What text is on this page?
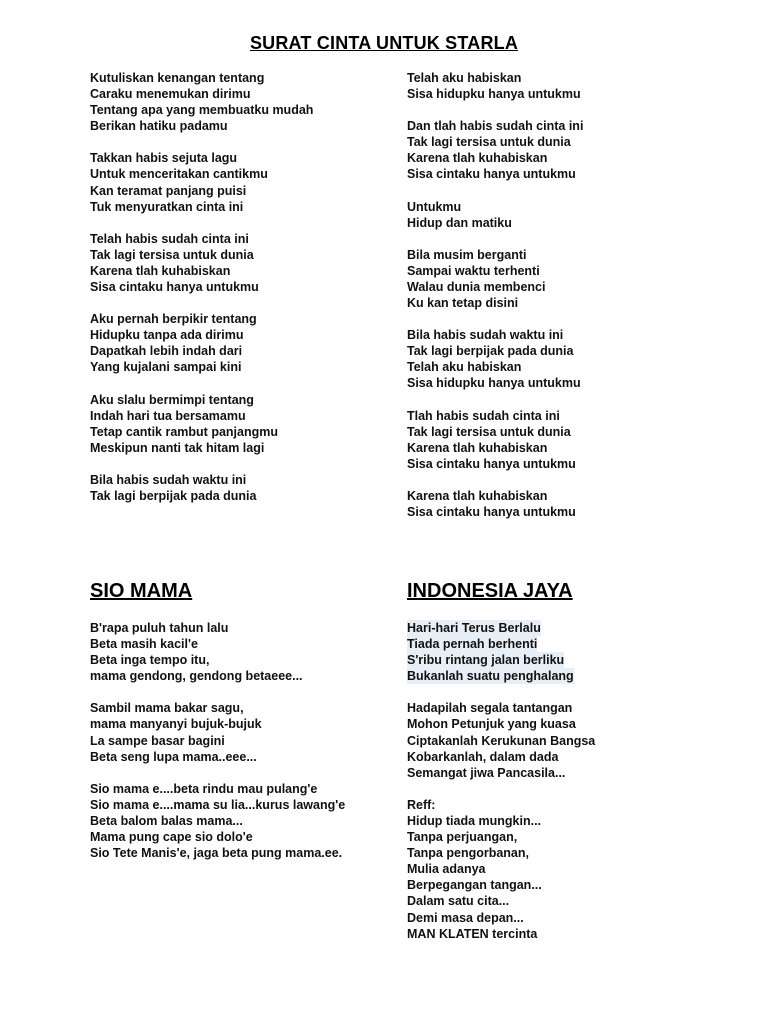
SURAT CINTA UNTUK STARLA
Kutuliskan kenangan tentang
Caraku menemukan dirimu
Tentang apa yang membuatku mudah
Berikan hatiku padamu
Takkan habis sejuta lagu
Untuk menceritakan cantikmu
Kan teramat panjang puisi
Tuk menyuratkan cinta ini
Telah habis sudah cinta ini
Tak lagi tersisa untuk dunia
Karena tlah kuhabiskan
Sisa cintaku hanya untukmu
Aku pernah berpikir tentang
Hidupku tanpa ada dirimu
Dapatkah lebih indah dari
Yang kujalani sampai kini
Aku slalu bermimpi tentang
Indah hari tua bersamamu
Tetap cantik rambut panjangmu
Meskipun nanti tak hitam lagi
Bila habis sudah waktu ini
Tak lagi berpijak pada dunia
Telah aku habiskan
Sisa hidupku hanya untukmu
Dan tlah habis sudah cinta ini
Tak lagi tersisa untuk dunia
Karena tlah kuhabiskan
Sisa cintaku hanya untukmu
Untukmu
Hidup dan matiku
Bila musim berganti
Sampai waktu terhenti
Walau dunia membenci
Ku kan tetap disini
Bila habis sudah waktu ini
Tak lagi berpijak pada dunia
Telah aku habiskan
Sisa hidupku hanya untukmu
Tlah habis sudah cinta ini
Tak lagi tersisa untuk dunia
Karena tlah kuhabiskan
Sisa cintaku hanya untukmu
Karena tlah kuhabiskan
Sisa cintaku hanya untukmu
SIO MAMA
B'rapa puluh tahun lalu
Beta masih kacil'e
Beta inga tempo itu,
mama gendong, gendong betaeee...
Sambil mama bakar sagu,
mama manyanyi bujuk-bujuk
La sampe basar bagini
Beta seng lupa mama..eee...
Sio mama e....beta rindu mau pulang'e
Sio mama e....mama su lia...kurus lawang'e
Beta balom balas mama...
Mama pung cape sio dolo'e
Sio Tete Manis'e, jaga beta pung mama.ee.
INDONESIA JAYA
Hari-hari Terus Berlalu
Tiada pernah berhenti
S'ribu rintang jalan berliku
Bukanlah suatu penghalang
Hadapilah segala tantangan
Mohon Petunjuk yang kuasa
Ciptakanlah Kerukunan Bangsa
Kobarkanlah, dalam dada
Semangat jiwa Pancasila...
Reff:
Hidup tiada mungkin...
Tanpa perjuangan,
Tanpa pengorbanan,
Mulia adanya
Berpegangan tangan...
Dalam satu cita...
Demi masa depan...
MAN KLATEN tercinta
